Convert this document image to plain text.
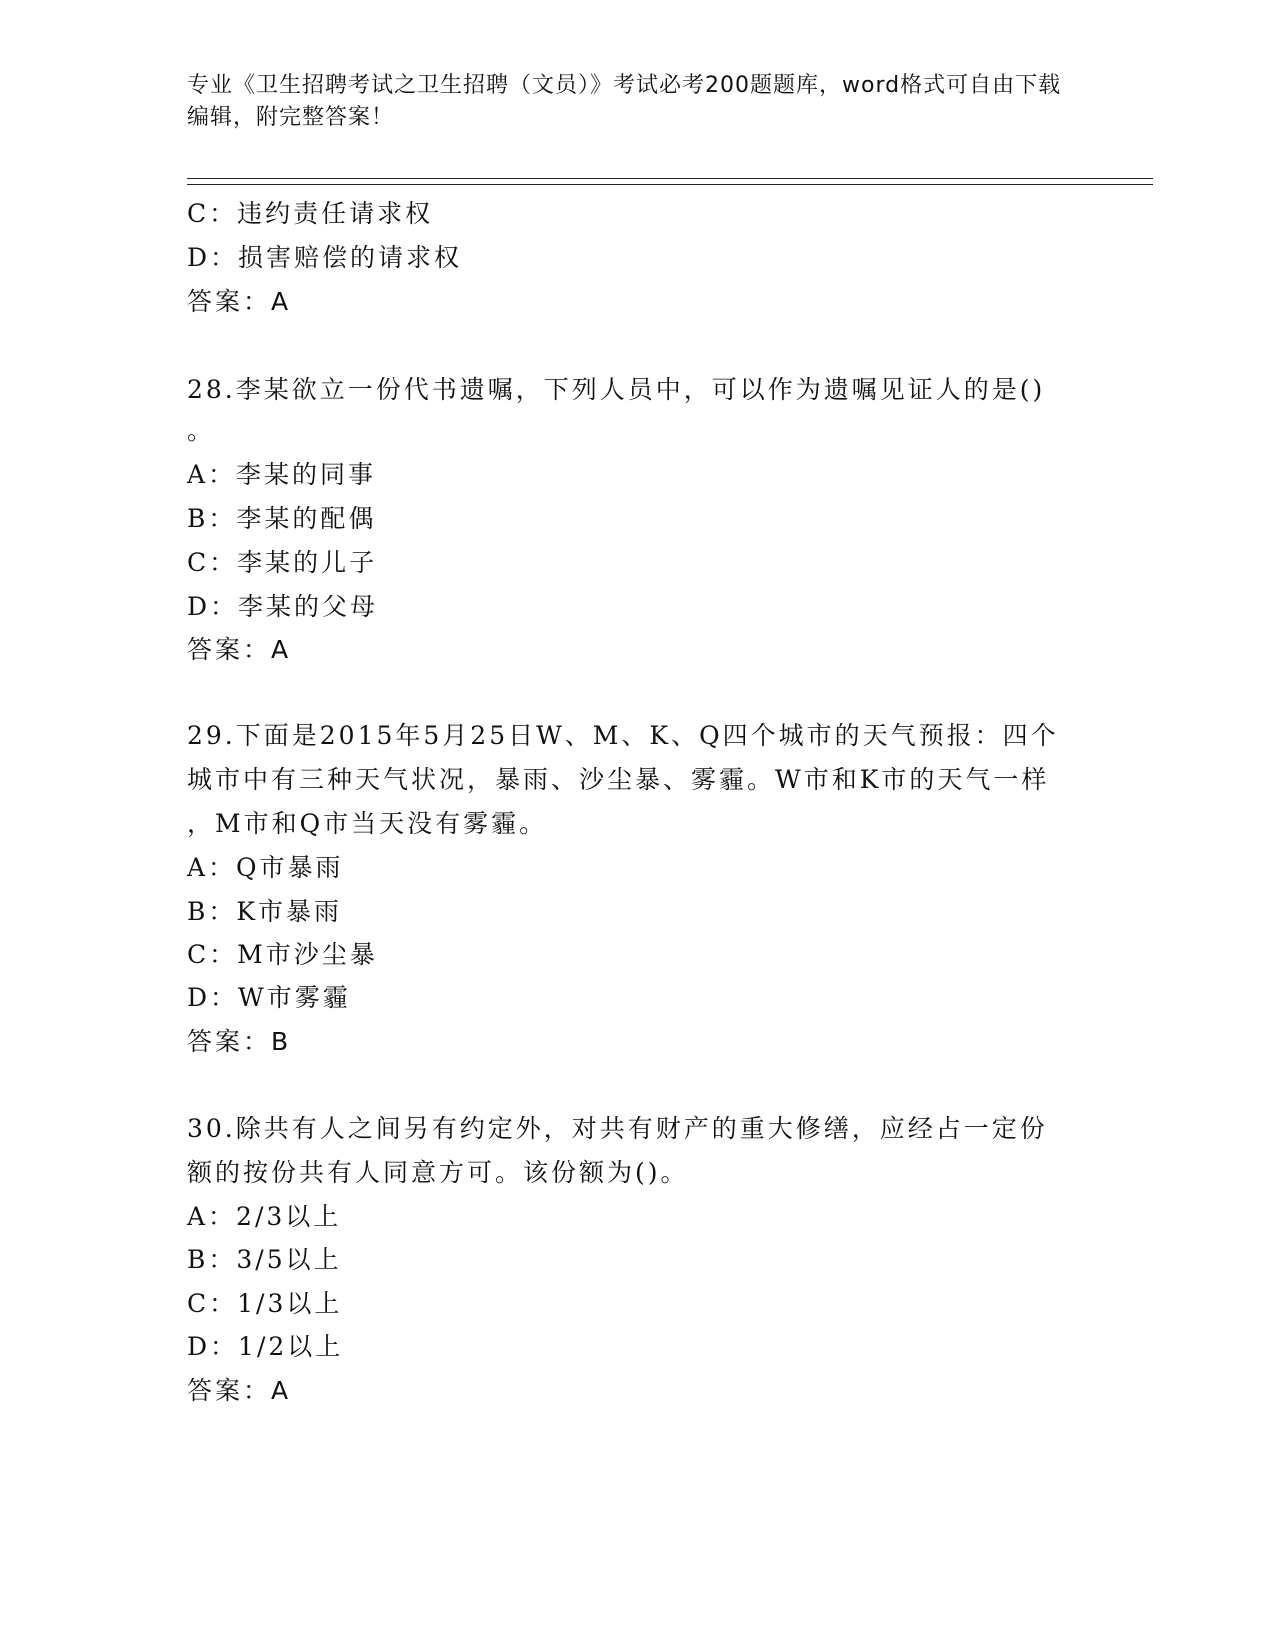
专业《卫生招聘考试之卫生招聘（文员）》考试必考200题题库，word格式可自由下载编辑，附完整答案！
C：违约责任请求权
D：损害赔偿的请求权
答案：A
28.李某欲立一份代书遗嘱，下列人员中，可以作为遗嘱见证人的是()
。
A：李某的同事
B：李某的配偶
C：李某的儿子
D：李某的父母
答案：A
29.下面是2015年5月25日W、M、K、Q四个城市的天气预报：四个
城市中有三种天气状况，暴雨、沙尘暴、雾霾。W市和K市的天气一样
，M市和Q市当天没有雾霾。
A：Q市暴雨
B：K市暴雨
C：M市沙尘暴
D：W市雾霾
答案：B
30.除共有人之间另有约定外，对共有财产的重大修缮，应经占一定份
额的按份共有人同意方可。该份额为()。
A：2/3以上
B：3/5以上
C：1/3以上
D：1/2以上
答案：A
